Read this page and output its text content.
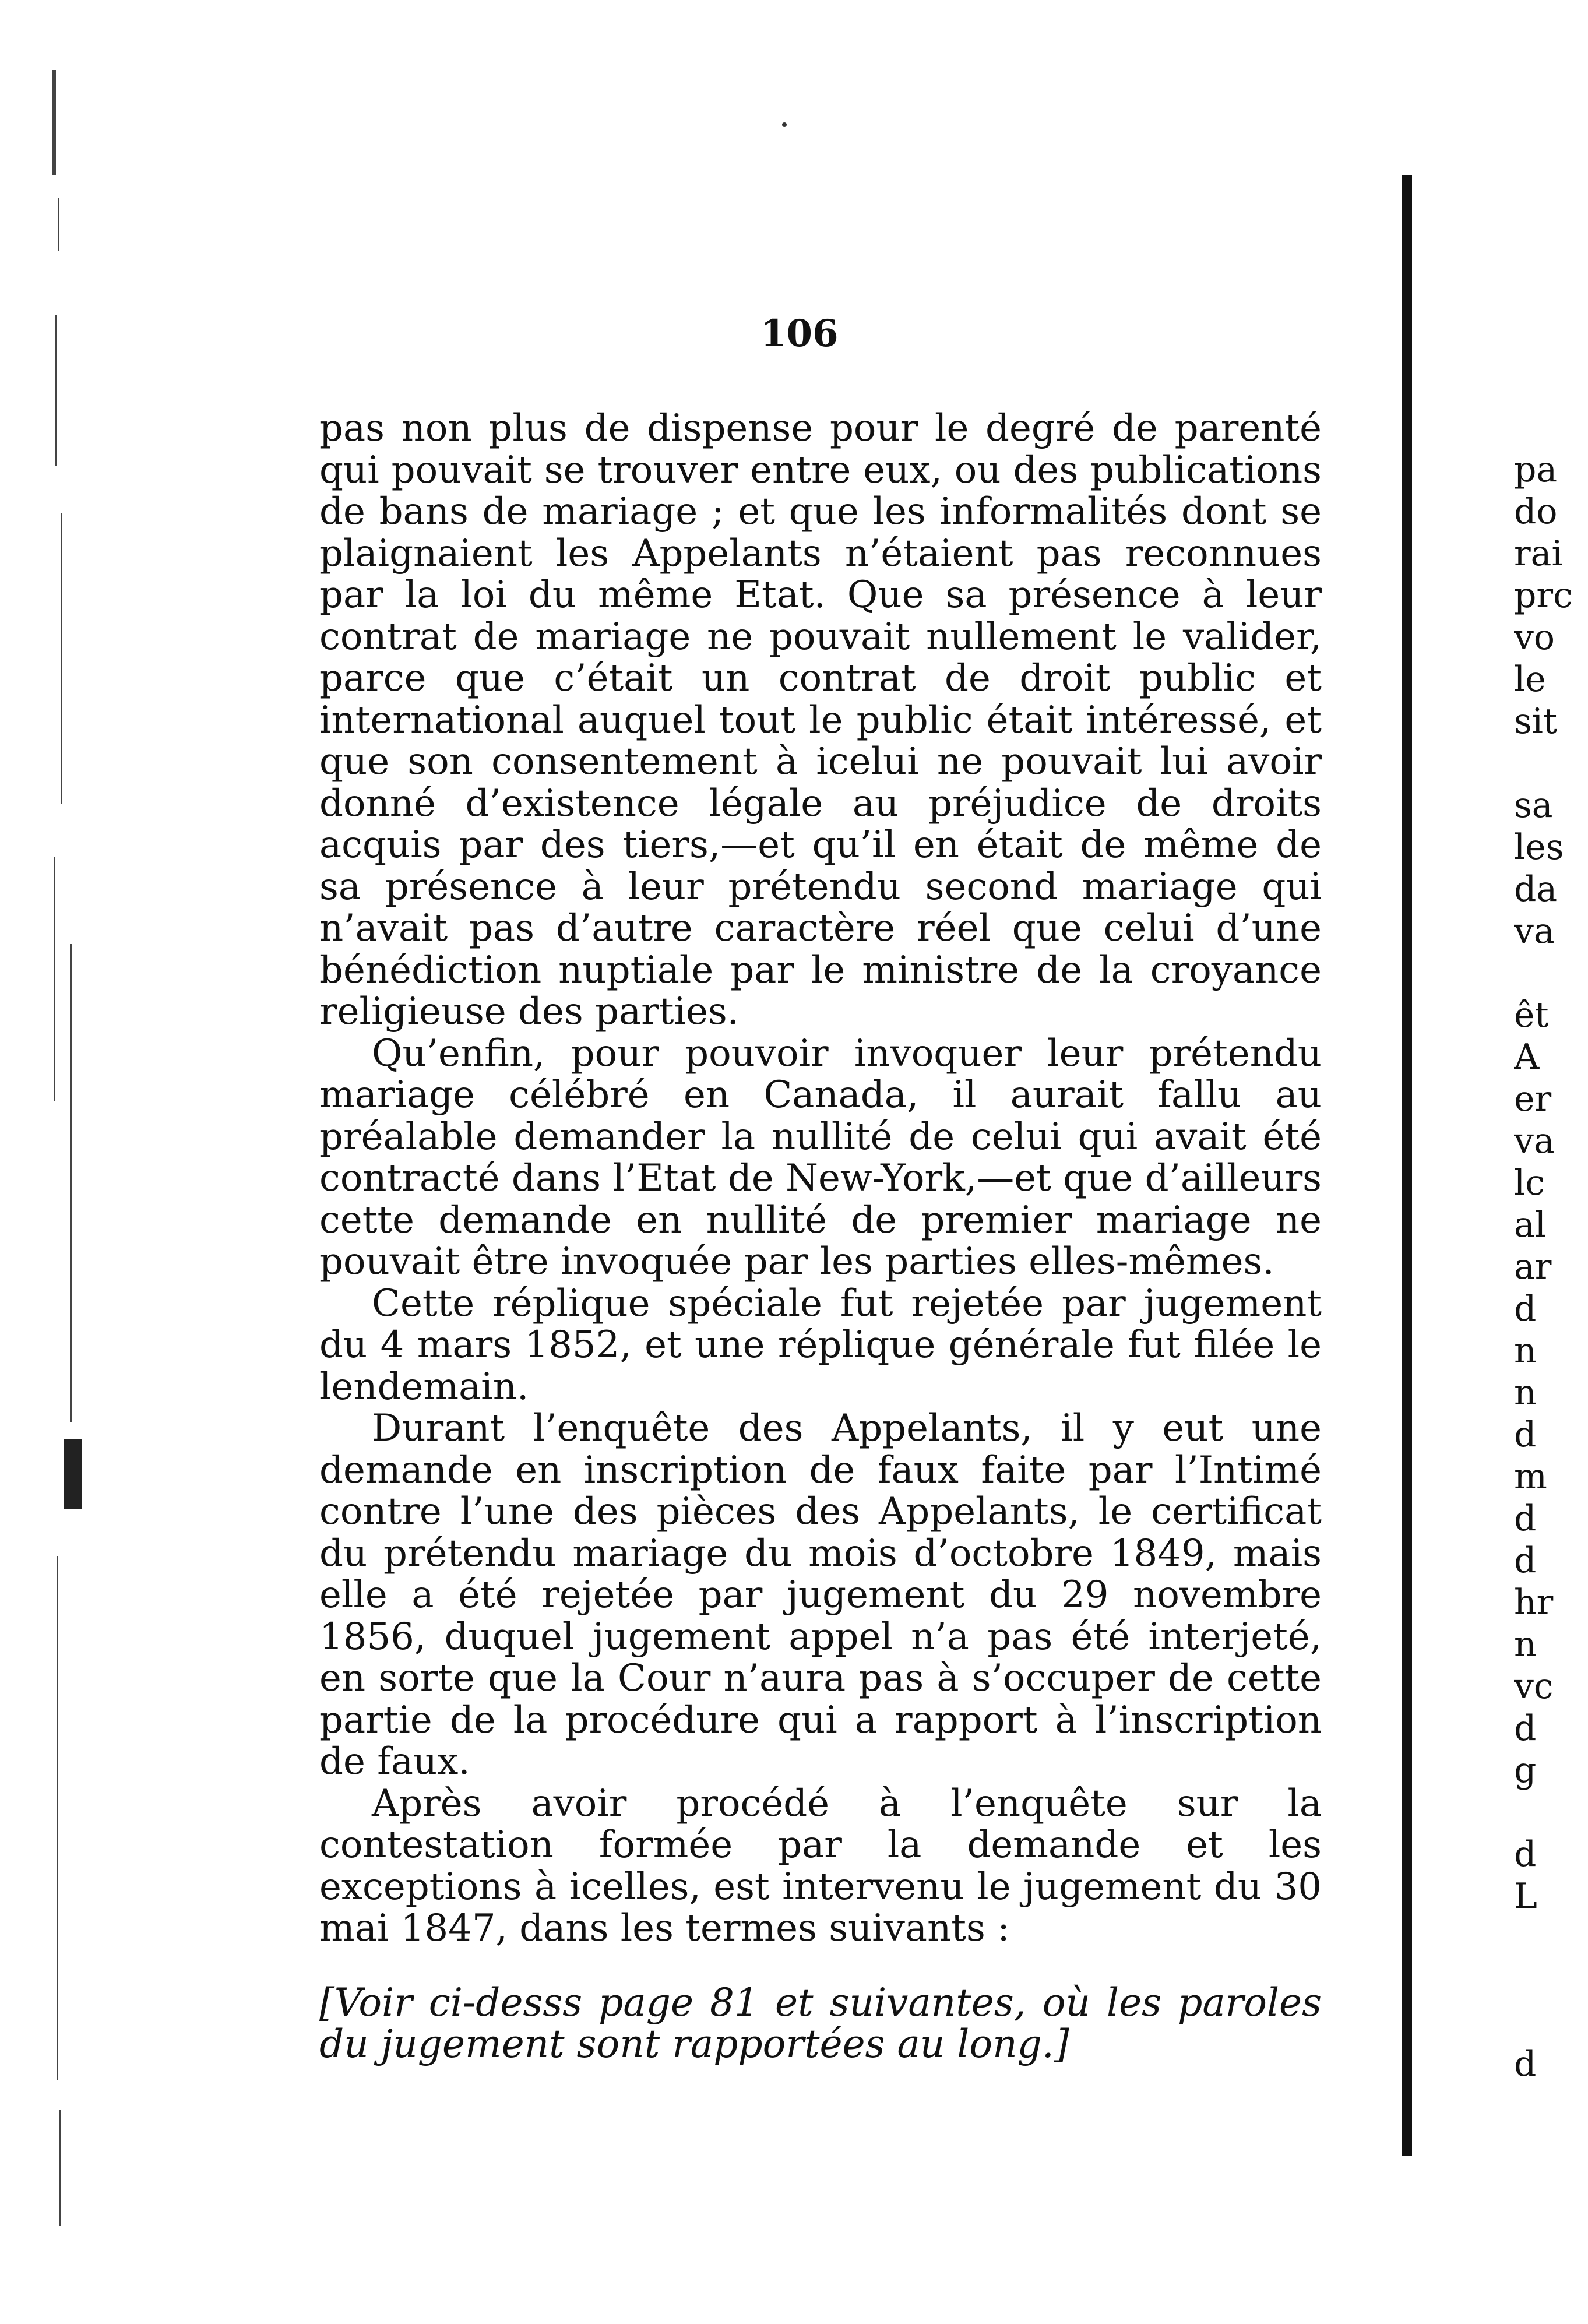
106

pas non plus de dispense pour le degré de parenté qui pouvait se trouver entre eux, ou des publications de bans de mariage ; et que les informalités dont se plaignaient les Appelants n’étaient pas reconnues par la loi du même Etat. Que sa présence à leur contrat de mariage ne pouvait nullement le valider, parce que c’était un contrat de droit public et international auquel tout le public était intéressé, et que son consentement à icelui ne pouvait lui avoir donné d’existence légale au préjudice de droits acquis par des tiers,—et qu’il en était de même de sa présence à leur prétendu second mariage qui n’avait pas d’autre caractère réel que celui d’une bénédiction nuptiale par le ministre de la croyance religieuse des parties.

Qu’enfin, pour pouvoir invoquer leur prétendu mariage célébré en Canada, il aurait fallu au préalable demander la nullité de celui qui avait été contracté dans l’Etat de New-York,—et que d’ailleurs cette demande en nullité de premier mariage ne pouvait être invoquée par les parties elles-mêmes.

Cette réplique spéciale fut rejetée par jugement du 4 mars 1852, et une réplique générale fut filée le lendemain.

Durant l’enquête des Appelants, il y eut une demande en inscription de faux faite par l’Intimé contre l’une des pièces des Appelants, le certificat du prétendu mariage du mois d’octobre 1849, mais elle a été rejetée par jugement du 29 novembre 1856, duquel jugement appel n’a pas été interjeté, en sorte que la Cour n’aura pas à s’occuper de cette partie de la procédure qui a rapport à l’inscription de faux.

Après avoir procédé à l’enquête sur la contestation formée par la demande et les exceptions à icelles, est intervenu le jugement du 30 mai 1847, dans les termes suivants :

[Voir ci-desss page 81 et suivantes, où les paroles du jugement sont rapportées au long.]

pa
do
rai
prc
vo
le
sit
sa
les
da
va
êt
A
er
va
lc
al
ar
d
n
n
d
m
d
d
hr
n
vc
d
g
d
L
d
